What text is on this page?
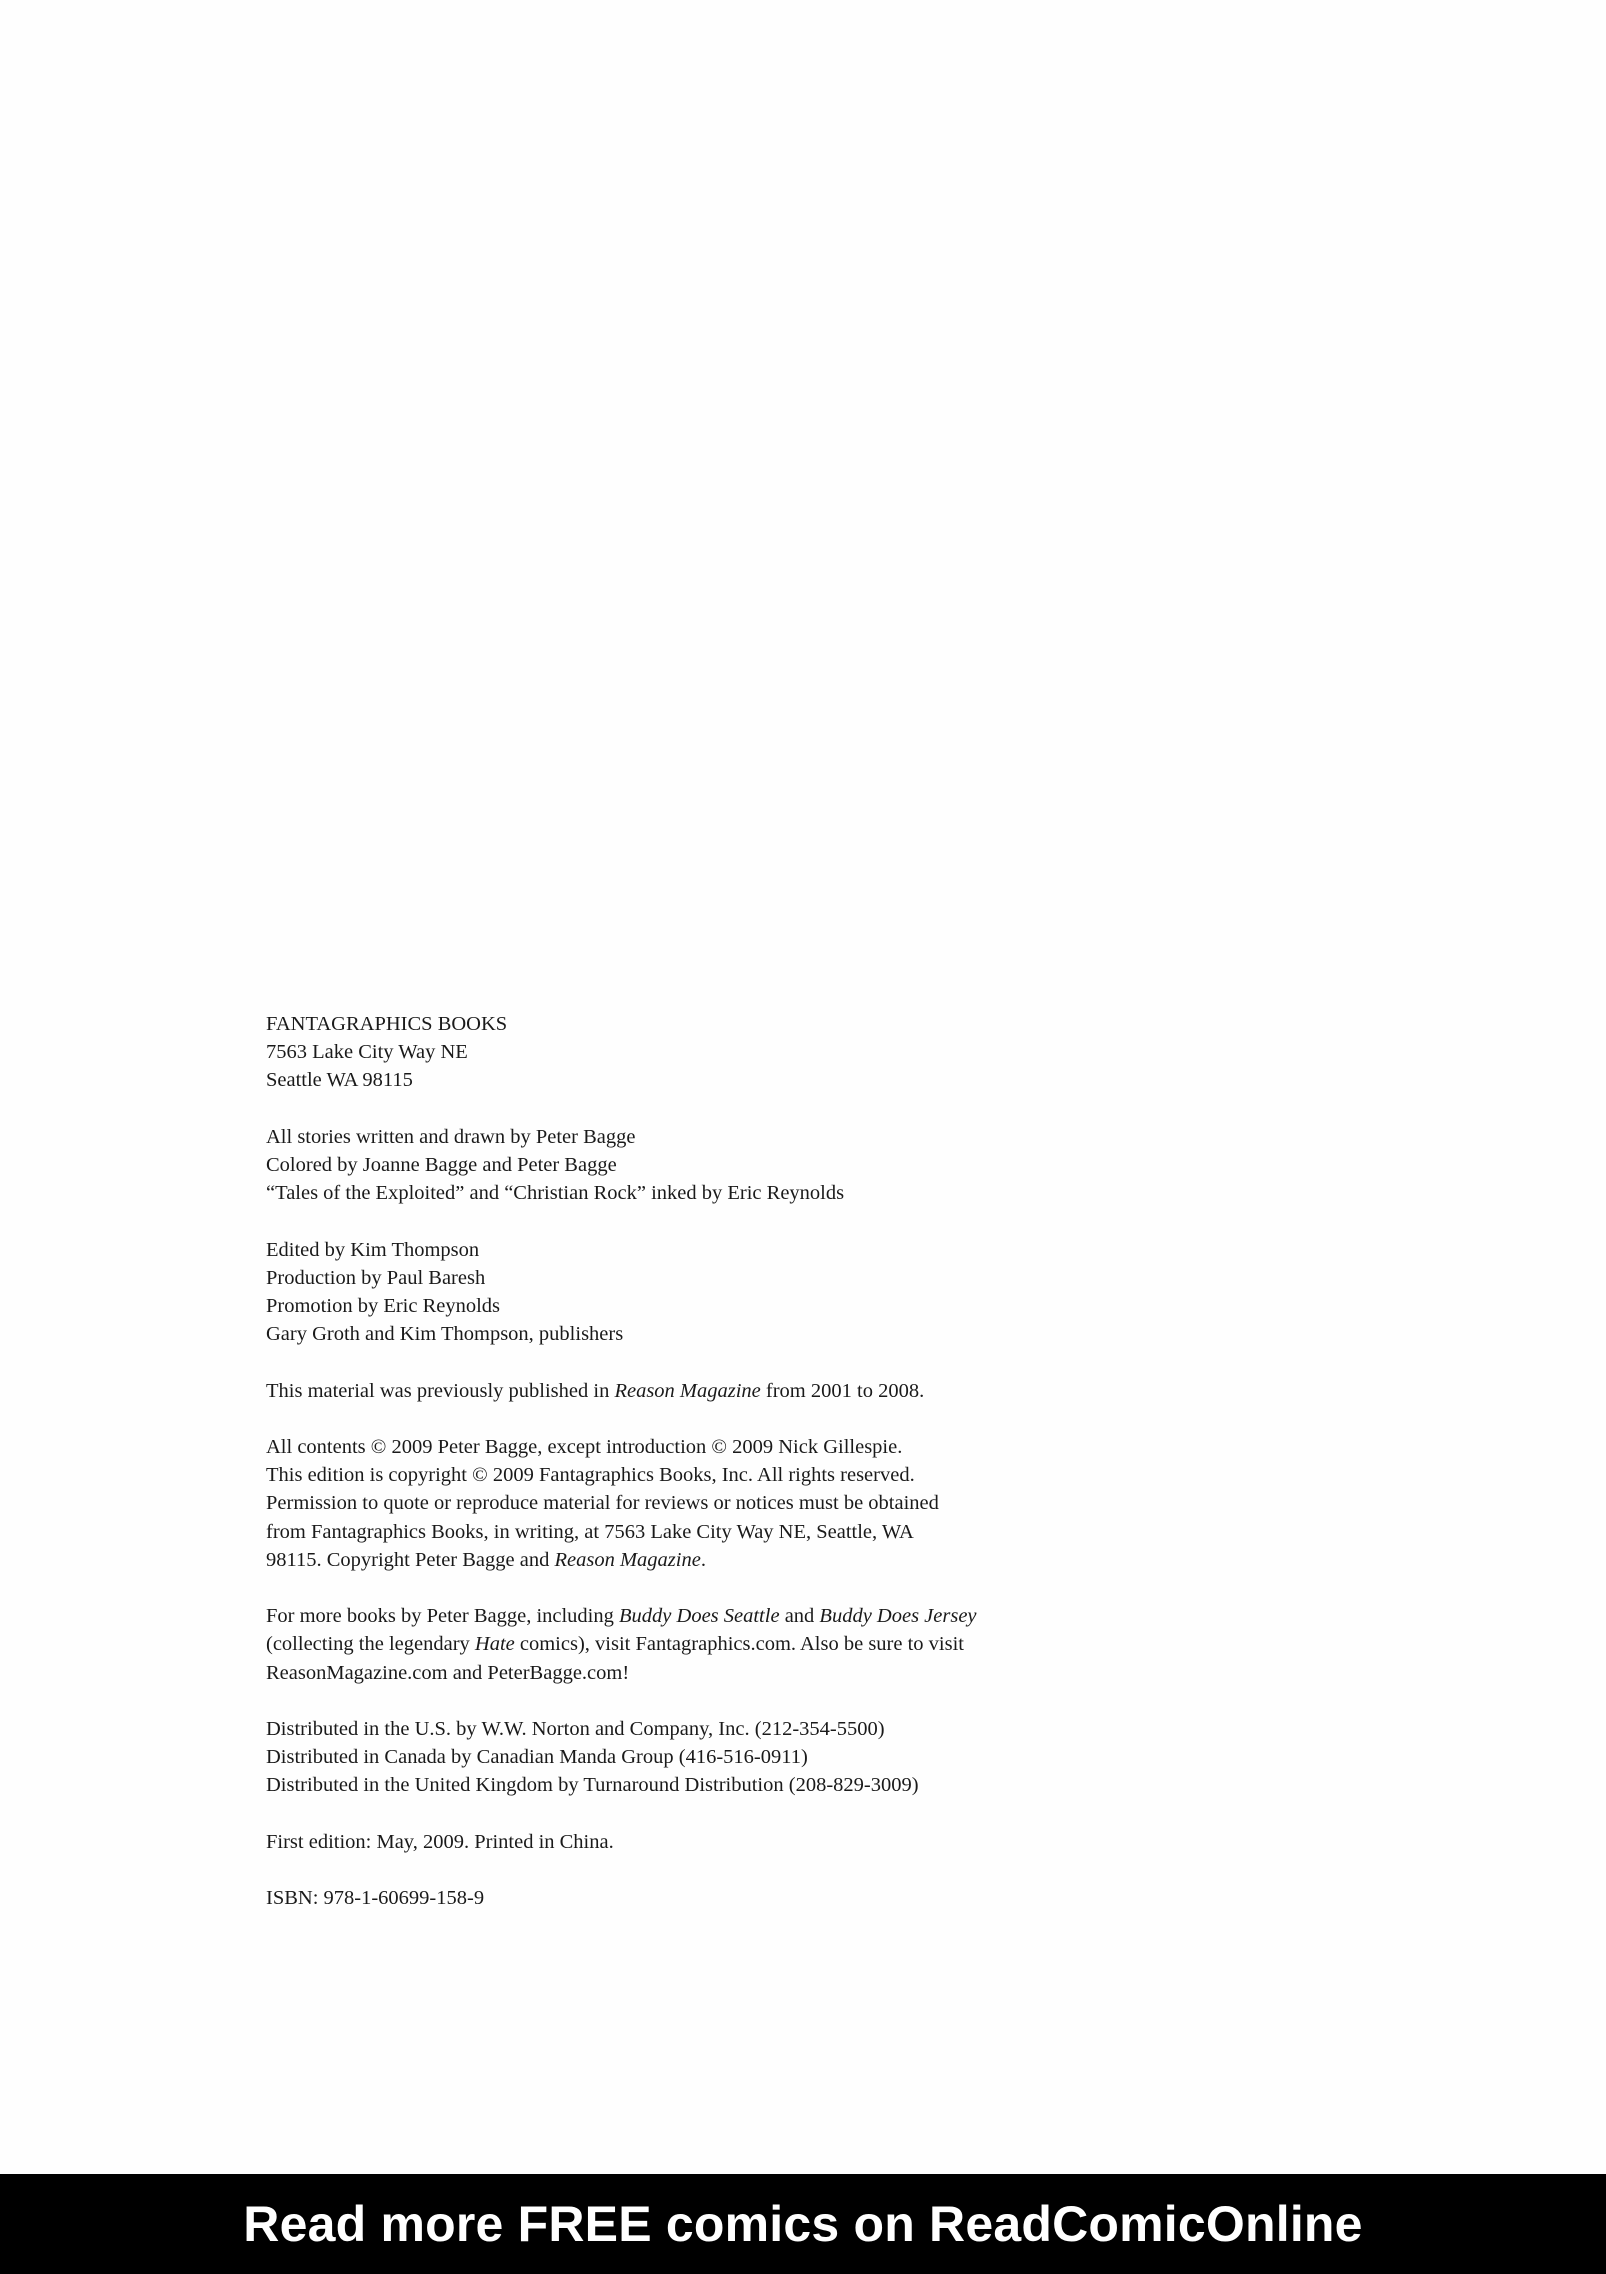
FANTAGRAPHICS BOOKS
7563 Lake City Way NE
Seattle WA 98115
All stories written and drawn by Peter Bagge
Colored by Joanne Bagge and Peter Bagge
“Tales of the Exploited” and “Christian Rock” inked by Eric Reynolds
Edited by Kim Thompson
Production by Paul Baresh
Promotion by Eric Reynolds
Gary Groth and Kim Thompson, publishers
This material was previously published in Reason Magazine from 2001 to 2008.
All contents © 2009 Peter Bagge, except introduction © 2009 Nick Gillespie.
This edition is copyright © 2009 Fantagraphics Books, Inc. All rights reserved.
Permission to quote or reproduce material for reviews or notices must be obtained
from Fantagraphics Books, in writing, at 7563 Lake City Way NE, Seattle, WA
98115. Copyright Peter Bagge and Reason Magazine.
For more books by Peter Bagge, including Buddy Does Seattle and Buddy Does Jersey
(collecting the legendary Hate comics), visit Fantagraphics.com. Also be sure to visit
ReasonMagazine.com and PeterBagge.com!
Distributed in the U.S. by W.W. Norton and Company, Inc. (212-354-5500)
Distributed in Canada by Canadian Manda Group (416-516-0911)
Distributed in the United Kingdom by Turnaround Distribution (208-829-3009)
First edition: May, 2009. Printed in China.
ISBN: 978-1-60699-158-9
Read more FREE comics on ReadComicOnline
